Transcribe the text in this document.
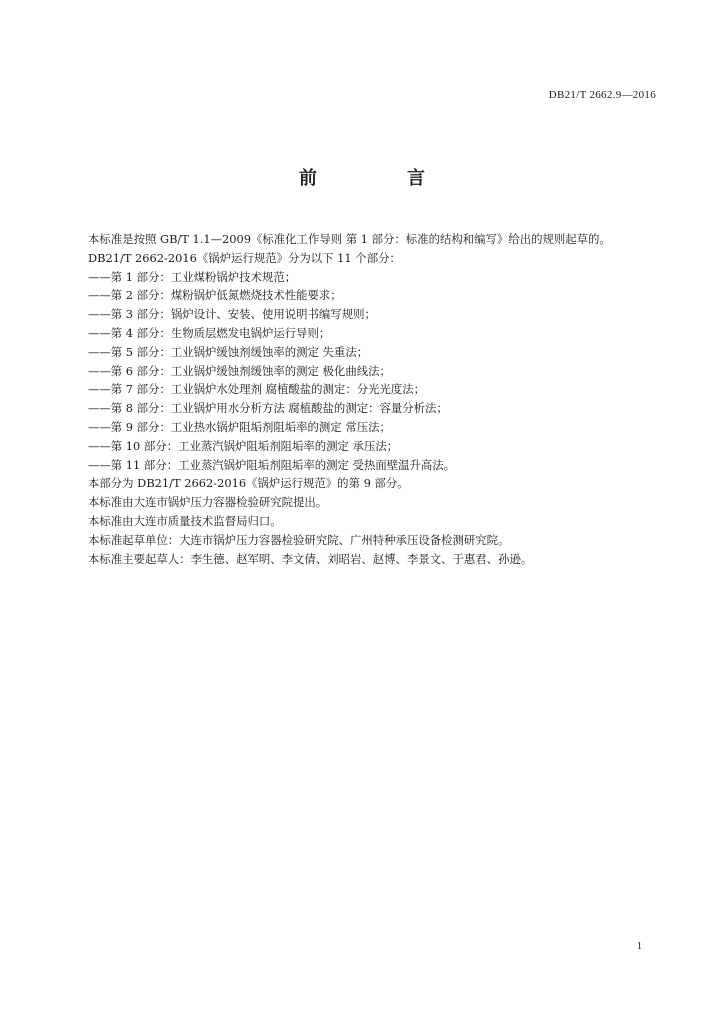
DB21/T 2662.9—2016
前　言
本标准是按照 GB/T 1.1—2009《标准化工作导则 第 1 部分：标准的结构和编写》给出的规则起草的。
DB21/T 2662-2016《锅炉运行规范》分为以下 11 个部分：
——第 1 部分：工业煤粉锅炉技术规范；
——第 2 部分：煤粉锅炉低氮燃烧技术性能要求；
——第 3 部分：锅炉设计、安装、使用说明书编写规则；
——第 4 部分：生物质层燃发电锅炉运行导则；
——第 5 部分：工业锅炉缓蚀剂缓蚀率的测定 失重法；
——第 6 部分：工业锅炉缓蚀剂缓蚀率的测定 极化曲线法；
——第 7 部分：工业锅炉水处理剂 腐植酸盐的测定：分光光度法；
——第 8 部分：工业锅炉用水分析方法 腐植酸盐的测定：容量分析法；
——第 9 部分：工业热水锅炉阻垢剂阻垢率的测定 常压法；
——第 10 部分：工业蒸汽锅炉阻垢剂阻垢率的测定 承压法；
——第 11 部分：工业蒸汽锅炉阻垢剂阻垢率的测定 受热面壁温升高法。
本部分为 DB21/T 2662-2016《锅炉运行规范》的第 9 部分。
本标准由大连市锅炉压力容器检验研究院提出。
本标准由大连市质量技术监督局归口。
本标准起草单位：大连市锅炉压力容器检验研究院、广州特种承压设备检测研究院。
本标准主要起草人：李生德、赵军明、李文倩、刘昭岩、赵博、李景文、于惠君、孙逊。
1
